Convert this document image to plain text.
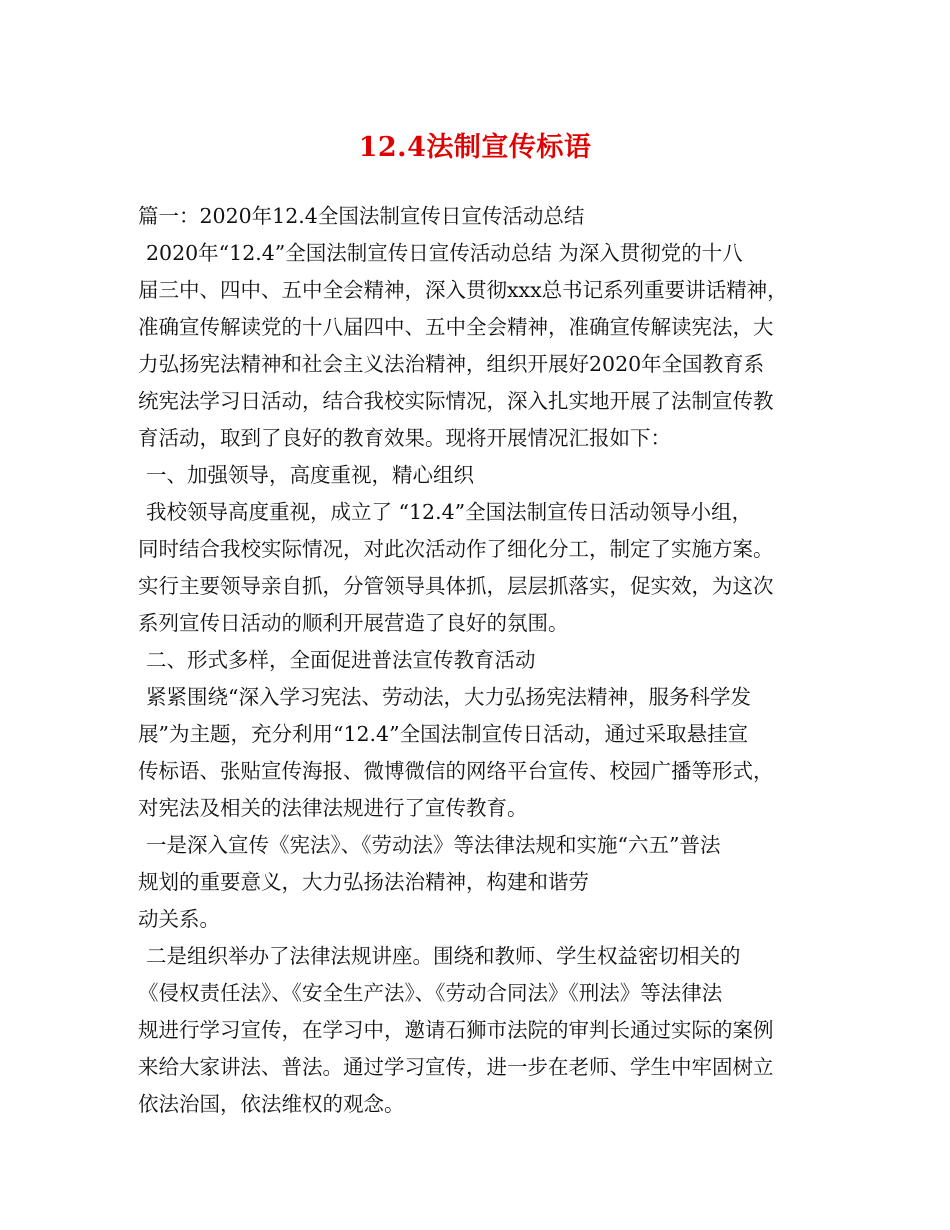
12.4法制宣传标语
篇一：2020年12.4全国法制宣传日宣传活动总结
2020年“12.4”全国法制宣传日宣传活动总结 为深入贯彻党的十八
届三中、四中、五中全会精神，深入贯彻xxx总书记系列重要讲话精神，
准确宣传解读党的十八届四中、五中全会精神，准确宣传解读宪法，大
力弘扬宪法精神和社会主义法治精神，组织开展好2020年全国教育系
统宪法学习日活动，结合我校实际情况，深入扎实地开展了法制宣传教
育活动，取到了良好的教育效果。现将开展情况汇报如下：
一、加强领导，高度重视，精心组织
我校领导高度重视，成立了 “12.4”全国法制宣传日活动领导小组，
同时结合我校实际情况，对此次活动作了细化分工，制定了实施方案。
实行主要领导亲自抓，分管领导具体抓，层层抓落实，促实效，为这次
系列宣传日活动的顺利开展营造了良好的氛围。
二、形式多样，全面促进普法宣传教育活动
紧紧围绕“深入学习宪法、劳动法，大力弘扬宪法精神，服务科学发
展”为主题，充分利用“12.4”全国法制宣传日活动，通过采取悬挂宣
传标语、张贴宣传海报、微博微信的网络平台宣传、校园广播等形式，
对宪法及相关的法律法规进行了宣传教育。
一是深入宣传《宪法》、《劳动法》等法律法规和实施“六五”普法
规划的重要意义，大力弘扬法治精神，构建和谐劳
动关系。
二是组织举办了法律法规讲座。围绕和教师、学生权益密切相关的
《侵权责任法》、《安全生产法》、《劳动合同法》《刑法》等法律法
规进行学习宣传，在学习中，邀请石狮市法院的审判长通过实际的案例
来给大家讲法、普法。通过学习宣传，进一步在老师、学生中牢固树立
依法治国，依法维权的观念。
